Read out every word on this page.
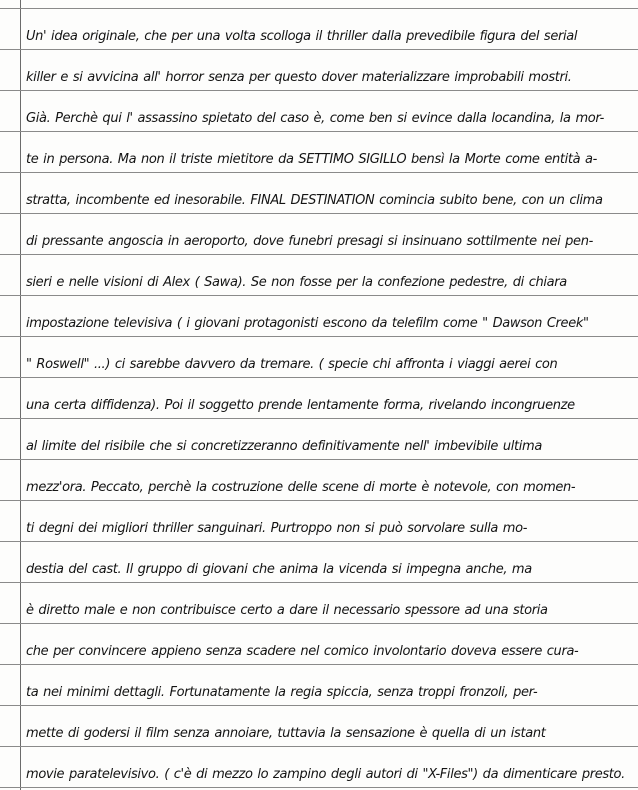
Un' idea originale, che per una volta scolloga il thriller dalla prevedibile figura del serial
killer e si avvicina all' horror senza per questo dover materializzare improbabili mostri.
Già. Perchè qui l' assassino spietato del caso è, come ben si evince dalla locandina, la mor-
te in persona. Ma non il triste mietitore da SETTIMO SIGILLO bensì la Morte come entità a-
stratta, incombente ed inesorabile. FINAL DESTINATION comincia subito bene, con un clima
di pressante angoscia in aeroporto, dove funebri presagi si insinuano sottilmente nei pen-
sieri e nelle visioni di Alex ( Sawa). Se non fosse per la confezione pedestre, di chiara
impostazione televisiva ( i giovani protagonisti escono da telefilm come " Dawson Creek"
" Roswell" ...) ci sarebbe davvero da tremare. ( specie chi affronta i viaggi aerei con
una certa diffidenza). Poi il soggetto prende lentamente forma, rivelando incongruenze
al limite del risibile che si concretizzeranno definitivamente nell' imbevibile ultima
mezz'ora. Peccato, perchè la costruzione delle scene di morte è notevole, con momen-
ti degni dei migliori thriller sanguinari. Purtroppo non si può sorvolare sulla mo-
destia del cast. Il gruppo di giovani che anima la vicenda si impegna anche, ma
è diretto male e non contribuisce certo a dare il necessario spessore ad una storia
che per convincere appieno senza scadere nel comico involontario doveva essere cura-
ta nei minimi dettagli. Fortunatamente la regia spiccia, senza troppi fronzoli, per-
mette di godersi il film senza annoiare, tuttavia la sensazione è quella di un istant
movie paratelevisivo. ( c'è di mezzo lo zampino degli autori di "X-Files") da dimenticare presto.
